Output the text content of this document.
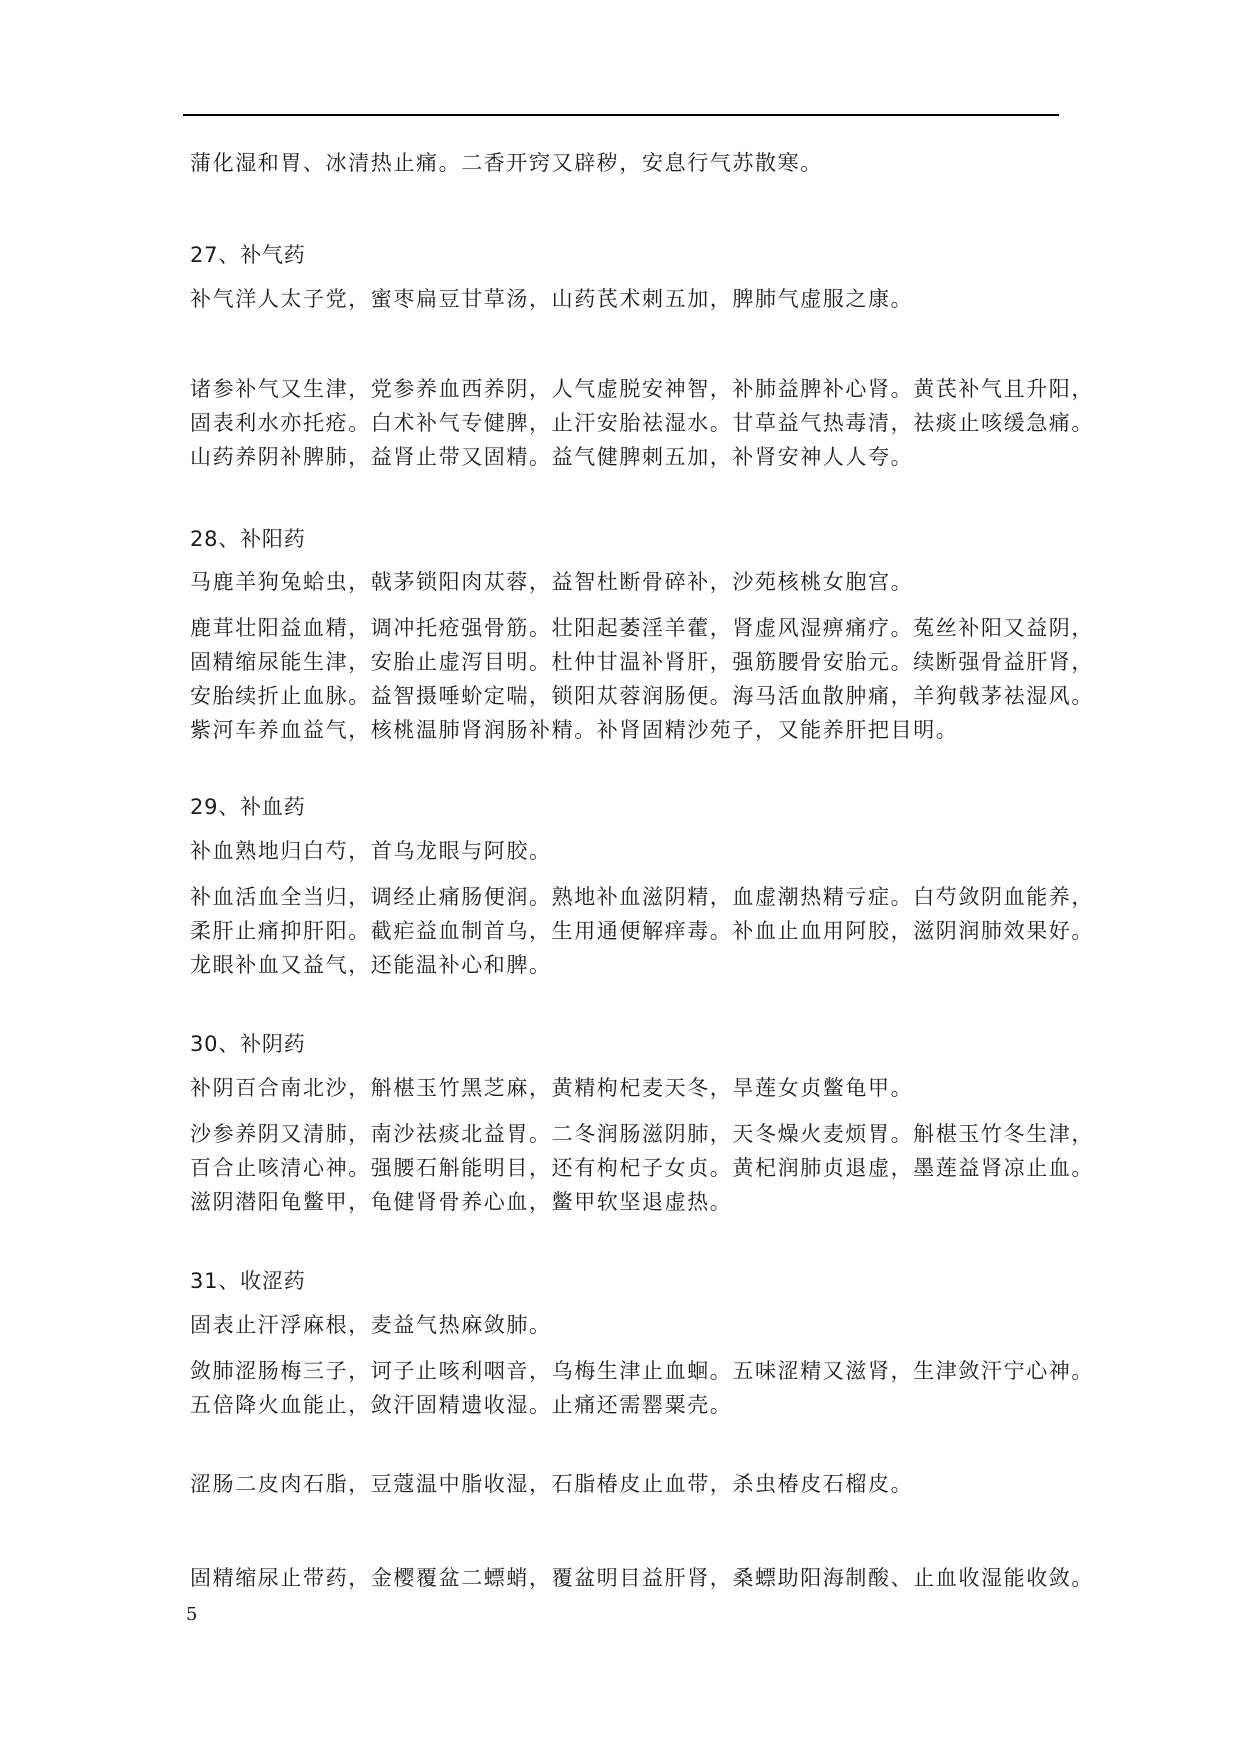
蒲化湿和胃、冰清热止痛。二香开窍又辟秽，安息行气苏散寒。

27、补气药

补气洋人太子党，蜜枣扁豆甘草汤，山药芪术刺五加，脾肺气虚服之康。

诸参补气又生津，党参养血西养阴，人气虚脱安神智，补肺益脾补心肾。黄芪补气且升阳，

固表利水亦托疮。白术补气专健脾，止汗安胎祛湿水。甘草益气热毒清，祛痰止咳缓急痛。

山药养阴补脾肺，益肾止带又固精。益气健脾刺五加，补肾安神人人夸。

28、补阳药

马鹿羊狗兔蛤虫，戟茅锁阳肉苁蓉，益智杜断骨碎补，沙苑核桃女胞宫。

鹿茸壮阳益血精，调冲托疮强骨筋。壮阳起萎淫羊藿，肾虚风湿痹痛疗。菟丝补阳又益阴，

固精缩尿能生津，安胎止虚泻目明。杜仲甘温补肾肝，强筋腰骨安胎元。续断强骨益肝肾，

安胎续折止血脉。益智摄唾蚧定喘，锁阳苁蓉润肠便。海马活血散肿痛，羊狗戟茅祛湿风。

紫河车养血益气，核桃温肺肾润肠补精。补肾固精沙苑子，又能养肝把目明。

29、补血药

补血熟地归白芍，首乌龙眼与阿胶。

补血活血全当归，调经止痛肠便润。熟地补血滋阴精，血虚潮热精亏症。白芍敛阴血能养，

柔肝止痛抑肝阳。截疟益血制首乌，生用通便解痒毒。补血止血用阿胶，滋阴润肺效果好。

龙眼补血又益气，还能温补心和脾。

30、补阴药

补阴百合南北沙，斛椹玉竹黑芝麻，黄精枸杞麦天冬，旱莲女贞鳖龟甲。

沙参养阴又清肺，南沙祛痰北益胃。二冬润肠滋阴肺，天冬燥火麦烦胃。斛椹玉竹冬生津，

百合止咳清心神。强腰石斛能明目，还有枸杞子女贞。黄杞润肺贞退虚，墨莲益肾凉止血。

滋阴潜阳龟鳖甲，龟健肾骨养心血，鳖甲软坚退虚热。

31、收涩药

固表止汗浮麻根，麦益气热麻敛肺。

敛肺涩肠梅三子，诃子止咳利咽音，乌梅生津止血蛔。五味涩精又滋肾，生津敛汗宁心神。

五倍降火血能止，敛汗固精遗收湿。止痛还需罂粟壳。

涩肠二皮肉石脂，豆蔻温中脂收湿，石脂椿皮止血带，杀虫椿皮石榴皮。

固精缩尿止带药，金樱覆盆二螵蛸，覆盆明目益肝肾，桑螵助阳海制酸、止血收湿能收敛。

5
